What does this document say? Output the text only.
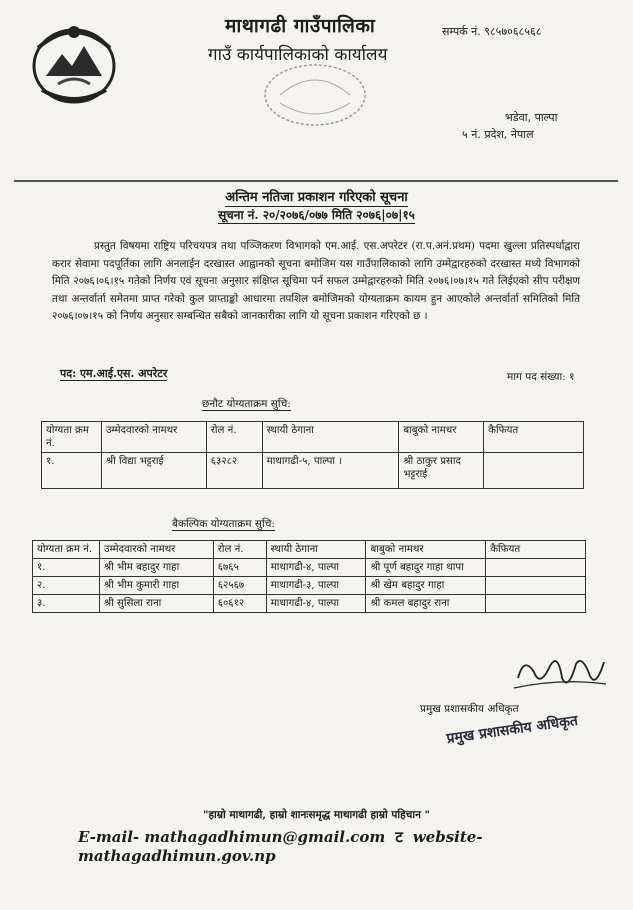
माथागढी गाउँपालिका
गाउँ कार्यपालिकाको कार्यालय
सम्पर्क नं. ९८५७०६८५६८
भडेवा, पाल्पा
५ नं. प्रदेश, नेपाल
अन्तिम नतिजा प्रकाशन गरिएको सूचना
सूचना नं. २०/२०७६/०७७ मिति २०७६|०७|१५

प्रस्तुत विषयमा राष्ट्रिय परिचयपत्र तथा पञ्जिकरण विभागको एम.आई. एस.अपरेटर (रा.प.अनं.प्रथम) पदमा खुल्ला प्रतिस्पर्धाद्वारा करार सेवामा पदपूर्तिका लागि अनलाईन दरखास्त आह्वानको सूचना बमोजिम यस गाउँपालिकाको लागि उम्मेद्वारहरुको दरखास्त मध्ये विभागको मिति २०७६।०६।१५ गतेको निर्णय एवं सूचना अनुसार संक्षिप्त सूचिमा पर्न सफल उम्मेद्वारहरुको मिति २०७६।०७।१५ गते लिईएको सीप परीक्षण तथा अन्तर्वार्ता समेतमा प्राप्त गरेको कुल प्राप्ताङ्को आधारमा तपशिल बमोजिमको योग्यताक्रम कायम हुन आएकोले अन्तर्वार्ता समितिको मिति २०७६।०७।१५ को निर्णय अनुसार सम्बन्धित सबैको जानकारीका लागि यो सूचना प्रकाशन गरिएको छ ।

पद: एम.आई.एस. अपरेटर	माग पद संख्या: १
छनौट योग्यताक्रम सुचि:
योग्यता क्रम नं.	उम्मेदवारको नामथर	रोल नं.	स्थायी ठेगाना	बाबुको नामथर	कैफियत
१.	श्री विद्या भट्टराई	६३२८२	माथागढी-५, पाल्पा ।	श्री ठाकुर प्रसाद भट्टराई	
बैकल्पिक योग्यताक्रम सुचि:
योग्यता क्रम नं.	उम्मेदवारको नामथर	रोल नं.	स्थायी ठेगाना	बाबुको नामथर	कैफियत
१.	श्री भीम बहादुर गाहा	६७६५	माथागढी-४, पाल्पा	श्री पूर्ण बहादुर गाहा थापा	
२.	श्री भीम कुमारी गाहा	६२५६७	माथागढी-३, पाल्पा	श्री खेम बहादुर गाहा	
३.	श्री सुसिला राना	६०६१२	माथागढी-४, पाल्पा	श्री कमल बहादुर राना	
प्रमुख प्रशासकीय अधिकृत
प्रमुख प्रशासकीय अधिकृत
"हाम्रो माथागढी, हाम्रो शानःसमृद्ध माथागढी हाम्रो पहिचान "
E-mail- mathagadhimun@gmail.com ट website- mathagadhimun.gov.np
